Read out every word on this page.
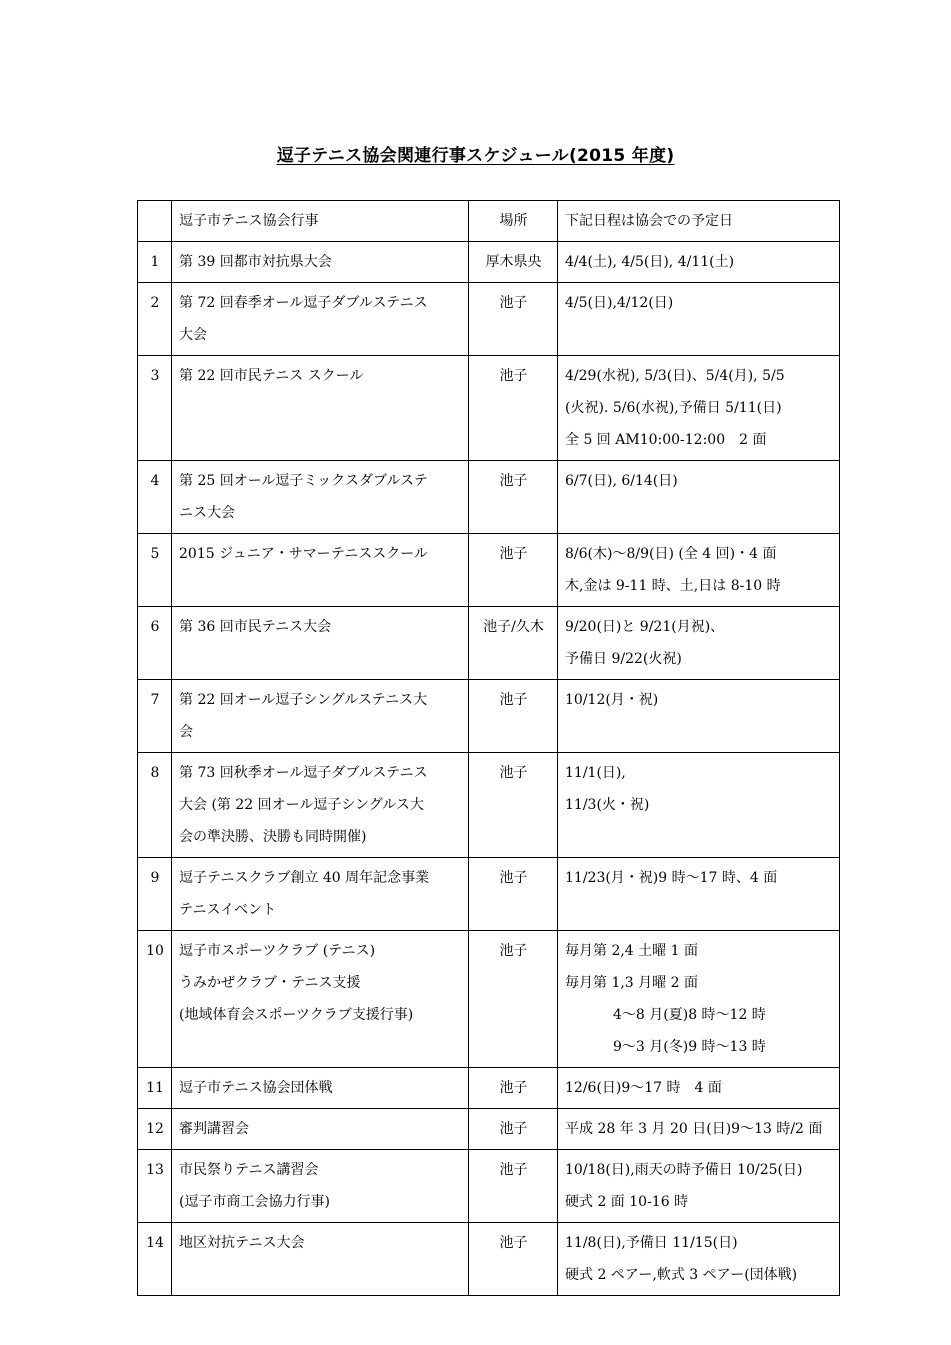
逗子テニス協会関連行事スケジュール(2015 年度)
	逗子市テニス協会行事	場所	下記日程は協会での予定日
1	第 39 回都市対抗県大会	厚木県央	4/4(土), 4/5(日), 4/11(土)

2	第 72 回春季オール逗子ダブルステニス
大会	池子	4/5(日),4/12(日)

3	第 22 回市民テニス スクール	池子	4/29(水祝), 5/3(日)、5/4(月), 5/5
(火祝). 5/6(水祝),予備日 5/11(日)
全 5 回 AM10:00-12:00　2 面

4	第 25 回オール逗子ミックスダブルステ
ニス大会	池子	6/7(日), 6/14(日)

5	2015 ジュニア・サマーテニススクール	池子	8/6(木)～8/9(日) (全 4 回)・4 面
木,金は 9-11 時、土,日は 8-10 時

6	第 36 回市民テニス大会	池子/久木	9/20(日)と 9/21(月祝)、
予備日 9/22(火祝)

7	第 22 回オール逗子シングルステニス大
会	池子	10/12(月・祝)

8	第 73 回秋季オール逗子ダブルステニス
大会 (第 22 回オール逗子シングルス大
会の準決勝、決勝も同時開催)	池子	11/1(日),
11/3(火・祝)

9	逗子テニスクラブ創立 40 周年記念事業
テニスイベント	池子	11/23(月・祝)9 時～17 時、4 面

10	逗子市スポーツクラブ (テニス)
うみかぜクラブ・テニス支援
(地域体育会スポーツクラブ支援行事)	池子	毎月第 2,4 土曜 1 面
毎月第 1,3 月曜 2 面
4～8 月(夏)8 時～12 時
9～3 月(冬)9 時～13 時

11	逗子市テニス協会団体戦	池子	12/6(日)9～17 時　4 面

12	審判講習会	池子	平成 28 年 3 月 20 日(日)9～13 時/2 面

13	市民祭りテニス講習会
(逗子市商工会協力行事)	池子	10/18(日),雨天の時予備日 10/25(日)
硬式 2 面 10-16 時

14	地区対抗テニス大会	池子	11/8(日),予備日 11/15(日)
硬式 2 ペアー,軟式 3 ペアー(団体戦)
